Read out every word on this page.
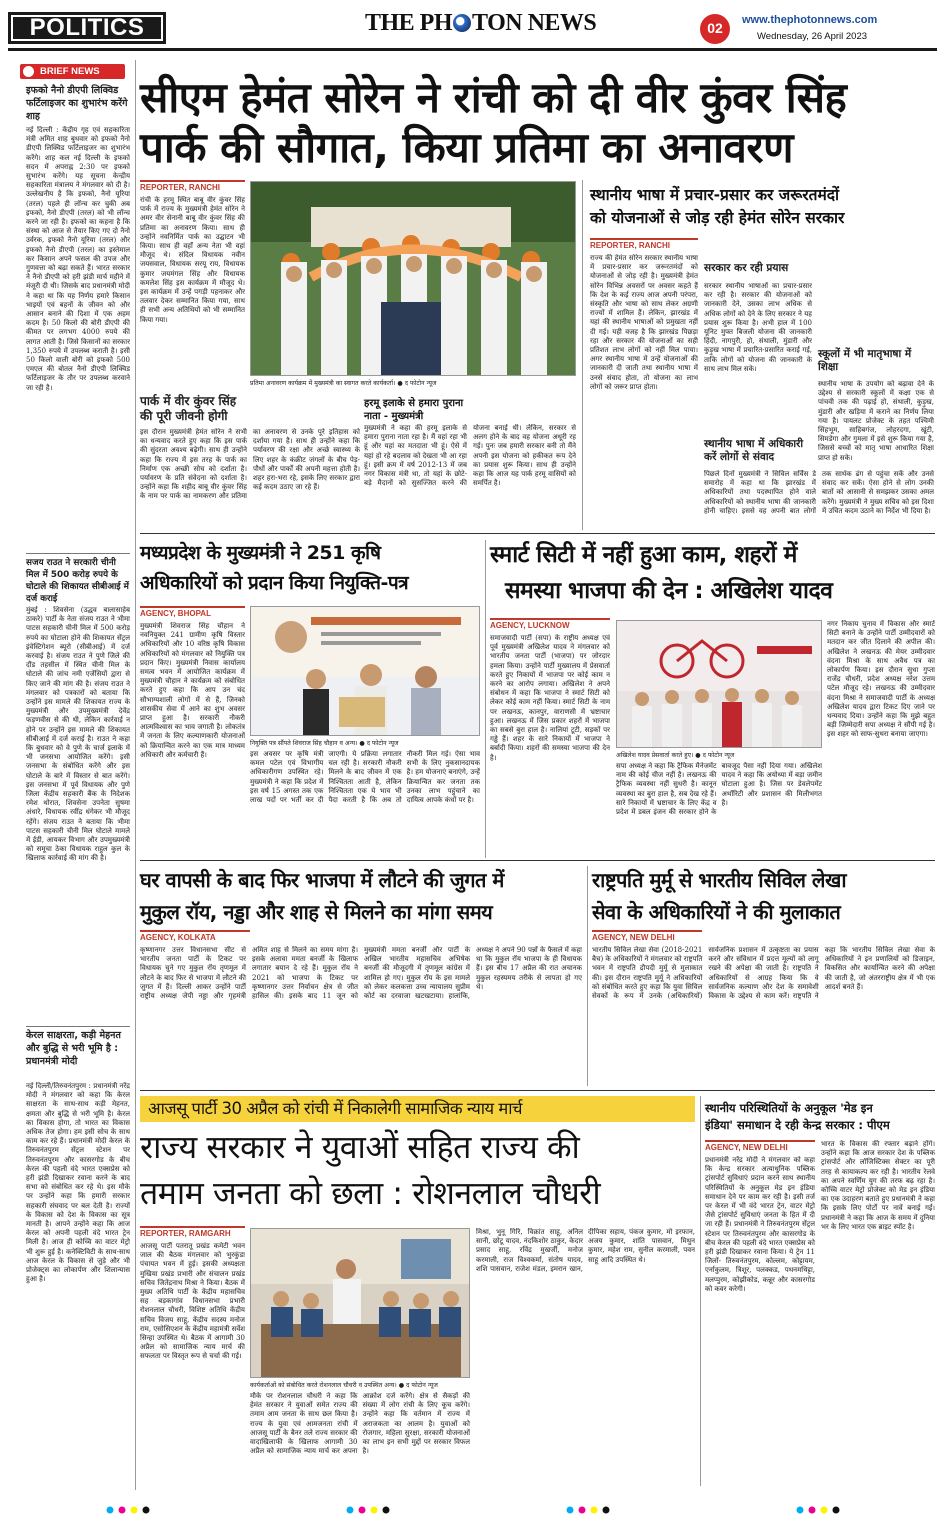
POLITICS	THE PH TON NEWS	02	www.thephotonnews.com
Wednesday, 26 April 2023
BRIEF NEWS
इफको नैनो डीएपी लिक्विड फर्टिलाइजर का शुभारंभ करेंगे शाह
नई दिल्ली : केंद्रीय गृह एवं सहकारिता मंत्री अमित शाह बुधवार को इफको नैनो डीएपी लिक्विड फर्टिलाइजर का शुभारंभ करेंगे। शाह कल नई दिल्ली के इफको सदन में अपराह्न 2:30 पर इफको सुभारंभ करेंगे। यह सूचना केन्द्रीय सहकारिता मंत्रालय ने मंगलवार को दी है। उल्लेखनीय है कि इफको, नैनो यूरिया (तरल) पहले ही लॉन्च कर चुकी अब इफको, नैनो डीएपी (तरल) को भी लॉन्च करने जा रही है। इफको का कहना है कि संस्था को आज से तैयार किए गए दो नैनो उर्वरक, इफको नैनो यूरिया (तरल) और इफको नैनो डीएपी (तरल) का इस्तेमाल कर किसान अपने फसल की उपज और गुणवत्ता को बढ़ा सकते हैं। भारत सरकार ने नैनो डीएपी को हरी झंडी मार्च महीने में मंजूरी दी थी। जिसके बाद प्रधानमंत्री मोदी ने कहा था कि यह निर्णय हमारे किसान भाइयों एवं बहनों के जीवन को और आसान बनाने की दिशा में एक अहम कदम है। 50 किलो की बोरी डीएपी की कीमत पर लगभग 4000 रुपये की लागत आती है। जिसे किसानों का सरकार 1,350 रुपये में उपलब्ध कराती है। इसी 50 किलो वाली बोरी को इफको 500 एमएल की बोतल नैनो डीएपी लिक्विड फर्टिलाइजर के तौर पर उपलब्ध करवाने जा रही है।
सजय राउत ने सरकारी चीनी मिल में 500 करोड़ रुपये के घोटाले की शिकायत सीबीआई में दर्ज कराई
मुंबई : शिवसेना (उद्धव बालासाहेब ठाकरे) पार्टी के नेता संजय राउत ने भीमा पाटस सहकारी चीनी मिल में 500 करोड़ रुपये का घोटाला होने की शिकायत सेंट्रल इंवेस्टिगेशन ब्यूरो (सीबीआई) में दर्ज करवाई है। संजय राउत ने पुणे जिले की दौंड तहसील में स्थित चीनी मिल के घोटाले की जांच नमी एजेंसियों द्वारा से किए जाने की मांग की है। संजय राउत ने मंगलवार को पत्रकारों को बताया कि उन्होंने इस मामले की शिकायत राज्य के मुख्यमंत्री और उपमुख्यमंत्री देवेंद्र फड़णवीस से की थी, लेकिन कार्रवाई न होने पर उन्होंने इस मामले की शिकायत सीबीआई में दर्ज कराई है। राउत ने कहा कि बुधवार को वे पुणे के चार्ज इलाके में भी जनसभा आयोजित करेंगे। इसी जनसभा के संबोधित करेंगे और इस घोटाले के बारे में विस्तार से बात करेंगे। इस जनसभा में पूर्व विधायक और पुणे जिला केंद्रीय सहकारी बैंक के निदेशक रमेश थोरात, शिवसेना उपनेता सुषमा अंधारे, विधायक रवींद्र धंगेकर भी मौजूद रहेंगे। संजय राउत ने बताया कि भीमा पाटस सहकारी चीनी मिल घोटाले मामले में ईडी, आयकर विभाग और उपमुख्यमंत्री को समूचा ठेका विधायक राहुल कुल के खिलाफ कार्रवाई की मांग की है।
केरल साक्षरता, कड़ी मेहनत और बुद्धि से भरी भूमि है : प्रधानमंत्री मोदी
नई दिल्ली/तिरुवनंतपुरम : प्रधानमंत्री नरेंद्र मोदी ने मंगलवार को कहा कि केरल साक्षरता के साथ-साथ कड़ी मेहनत, क्षमता और बुद्धि से भरी भूमि है। केरल का विकास होगा, तो भारत का विकास अधिक तेज होगा। हम इसी सोच के साथ काम कर रहे हैं। प्रधानमंत्री मोदी केरल के तिरुवनंतपुरम सेंट्रल स्टेशन पर तिरुवनंतपुरम और कासरगोड के बीच केरल की पहली वंदे भारत एक्सप्रेस को हरी झंडी दिखाकर रवाना करने के बाद सभा को संबोधित कर रहे थे। इस मौके पर उन्होंने कहा कि हमारी सरकार सहकारी संघवाद पर बल देती है। राज्यों के विकास को देश के विकास का सूत्र मानती है। आपने उन्होंने कहा कि आज केरल को अपनी पहली वंदे भारत ट्रेन मिली है। आज ही कोच्चि का वाटर मेट्रो भी शुरू हुई है। कनेक्टिविटी के साथ-साथ आज केरल के विकास से जुड़े और भी प्रोजेक्ट्स का लोकार्पण और शिलान्यास हुआ है।
सीएम हेमंत सोरेन ने रांची को दी वीर कुंवर सिंह
पार्क की सौगात, किया प्रतिमा का अनावरण
REPORTER, RANCHI
रांची के हरमू स्थित बाबू वीर कुंवर सिंह पार्क में राज्य के मुख्यमंत्री हेमंत सोरेन ने अमर वीर सेनानी बाबू वीर कुंवर सिंह की प्रतिमा का अनावरण किया। साथ ही उन्होंने नवनिर्मित पार्क का उद्घाटन भी किया। साथ ही वहाँ अन्य नेता भी वहां मौजूद थे। संदिल विधायक नवीन जयसवाल, विधायक सरयू राय, विधायक कुमार जयमंगल सिंह और विधायक कमलेश सिंह इस कार्यक्रम में मौजूद थे। इस कार्यक्रम में उन्हें पगड़ी पहनाकर और तलवार देकर सम्मानित किया गया, साथ ही सभी अन्य अतिथियों को भी सम्मानित किया गया।
प्रतिमा अनावरण कार्यक्रम में मुख्यमंत्री का स्वागत करते कार्यकर्ता। ● द फोटोन न्यूज
पार्क में वीर कुंवर सिंह की पूरी जीवनी होगी
इस दौरान मुख्यमंत्री हेमंत सोरेन ने सभी का धन्यवाद करते हुए कहा कि इस पार्क की सुंदरता अवश्य बढ़ेगी। साथ ही उन्होंने कहा कि राज्य में इस तरह के पार्क का निर्माण एक अच्छी सोच को दर्शाता है। पर्यावरण के प्रति संवेदना को दर्शाता है। उन्होंने कहा कि शहीद बाबू वीर कुंवर सिंह के नाम पर पार्क का नामकरण और प्रतिमा का अनावरण से उनके पूरे इतिहास को दर्शाया गया है। साथ ही उन्होंने कहा कि पर्यावरण की रक्षा और अच्छे स्वास्थ्य के लिए शहर के कंक्रीट जंगलों के बीच पेड़-पौधों और पार्कों की अपनी महत्ता होती है। शहर हरा-भरा रहे, इसके लिए सरकार द्वारा कई कदम उठाए जा रहे हैं।
हरमू इलाके से हमारा पुराना नाता - मुख्यमंत्री
मुख्यमंत्री ने कहा की हरमू इलाके से हमारा पुराना नाता रहा है। मैं वहां रहा भी हूं और यहां का मतदाता भी हूं। ऐसे में यहां हो रहे बदलाव को देखता भी आ रहा हूं। इसी क्रम में वर्ष 2012-13 में जब नगर विकास मंत्री था, तो यहां के छोटे-बड़े मैदानों को सुसज्जित करने की योजना बनाई थी। लेकिन, सरकार से अलग होने के बाद वह योजना अधूरी रह गई। पुनः जब हमारी सरकार बनी तो मैंने अपनी इस योजना को हकीकत रूप देने का प्रयास शुरू किया। साथ ही उन्होंने कहा कि आज यह पार्क हरमू वासियों को समर्पित है।
स्थानीय भाषा में प्रचार-प्रसार कर जरूरतमंदों
को योजनाओं से जोड़ रही हेमंत सोरेन सरकार
REPORTER, RANCHI
राज्य की हेमंत सोरेन सरकार स्थानीय भाषा में प्रचार-प्रसार कर जरूरतमंदों को योजनाओं से जोड़ रही है। मुख्यमंत्री हेमंत सोरेन विभिन्न अवसरों पर अवसर कहते हैं कि देश के कई राज्य आज अपनी परंपरा, संस्कृति और भाषा को साथ लेकर अग्रणी राज्यों में शामिल हैं। लेकिन, झारखंड में यहां की स्थानीय भाषाओं को प्रमुखता नहीं दी गई। यही वजह है कि झारखंड पिछड़ा रहा और सरकार की योजनाओं का सही प्रतिशत लाभ लोगों को नहीं मिल पाया। अगर स्थानीय भाषा में उन्हें योजनाओं की जानकारी दी जाती तथा स्थानीय भाषा में उनसे संवाद होता, तो योजना का लाभ लोगों को जरूर प्राप्त होता।
सरकार कर रही प्रयास
सरकार स्थानीय भाषाओं का प्रचार-प्रसार कर रही है। सरकार की योजनाओं को जानकारी देने, उसका लाभ अधिक से अधिक लोगों को देने के लिए सरकार ने यह प्रयास शुरू किया है। अभी हाल में 100 यूनिट मुफ्त बिजली योजना की जानकारी हिंदी, नागपुरी, हो, संथाली, मुंडारी और कुड़ुख भाषा में प्रचारित-प्रसारित कराई गई, ताकि लोगों को योजना की जानकारी के साथ लाभ मिल सके।
स्थानीय भाषा में अधिकारी करें लोगों से संवाद
पिछले दिनों मुख्यमंत्री ने सिविल सर्विस डे समारोह में कहा था कि झारखंड में अधिकारियों तथा पदस्थापित होने वाले अधिकारियों को स्थानीय भाषा की जानकारी होनी चाहिए। इससे वह अपनी बात लोगों तक सार्थक ढंग से पहुंचा सकें और उनसे संवाद कर सकें। ऐसा होने से लोग उनकी बातों को आसानी से समझकर उसका अमल करेंगे। मुख्यमंत्री ने मुख्य सचिव को इस दिशा में उचित कदम उठाने का निर्देश भी दिया है।
स्कूलों में भी मातृभाषा में शिक्षा
स्थानीय भाषा के उपयोग को बढ़ावा देने के उद्देश्य से सरकारी स्कूलों में कक्षा एक से पांचवी तक की पढ़ाई हो, संथाली, कुड़ुख, मुंडारी और खड़िया में कराने का निर्णय लिया गया है। पायलट प्रोजेक्ट के तहत पश्चिमी सिंहभूम, साहिबगंज, लोहरदगा, खूंटी, सिमडेगा और गुमला में इसे शुरू किया गया है, जिससे बच्चों को मातृ भाषा आधारित शिक्षा प्राप्त हो सके।
मध्यप्रदेश के मुख्यमंत्री ने 251 कृषि
अधिकारियों को प्रदान किया नियुक्ति-पत्र
AGENCY, BHOPAL
मुख्यमंत्री शिवराज सिंह चौहान ने नवनियुक्त 241 ग्रामीण कृषि विस्तार अधिकारियों और 10 वरिष्ठ कृषि विकास अधिकारियों को मंगलवार को नियुक्ति पत्र प्रदान किए। मुख्यमंत्री निवास कार्यालय समत्व भवन में आयोजित कार्यक्रम में मुख्यमंत्री चौहान ने कार्यक्रम को संबोधित करते हुए कहा कि आप उन चंद सौभाग्यशाली लोगों में से हैं, जिनको शासकीय सेवा में आने का शुभ अवसर प्राप्त हुआ है। सरकारी नौकरी आत्मविश्वास का भाव जगाती है। लोकतंत्र में जनता के लिए कल्याणकारी योजनाओं को क्रियान्वित करने का एक मात्र माध्यम अधिकारी और कर्मचारी हैं।
नियुक्ति पत्र सौंपते शिवराज सिंह चौहान व अन्य। ● द फोटोन न्यूज
इस अवसर पर कृषि मंत्री कमल पटेल एवं विभागीय अधिकारीगण उपस्थित रहे। मुख्यमंत्री ने कहा कि प्रदेश में इस वर्ष 15 अगस्त तक एक लाख पदों पर भर्ती कर दी जाएगी। ये प्रक्रिया लगातार चल रही है। सरकारी नौकरी मिलने के बाद जीवन में एक निश्चितता आती है, लेकिन निश्चितता एक ये भाव भी पैदा करती है कि अब तो नौकरी मिल गई। ऐसा भाव सभी के लिए नुकसानदायक है। हम योजनाएं बनाएंगे, उन्हें क्रियान्वित कर जनता तक उनका लाभ पहुंचाने का दायित्व आपके कंधों पर है।
स्मार्ट सिटी में नहीं हुआ काम, शहरों में
समस्या भाजपा की देन : अखिलेश यादव
AGENCY, LUCKNOW
समाजवादी पार्टी (सपा) के राष्ट्रीय अध्यक्ष एवं पूर्व मुख्यमंत्री अखिलेश यादव ने मंगलवार को भारतीय जनता पार्टी (भाजपा) पर जोरदार हमला किया। उन्होंने पार्टी मुख्यालय में प्रेसवार्ता करते हुए निकायों में भाजपा पर कोई काम न करने का आरोप लगाया। अखिलेश ने अपने संबोधन में कहा कि भाजपा ने स्मार्ट सिटी को लेकर कोई काम नहीं किया। स्मार्ट सिटी के नाम पर लखनऊ, कानपुर, वाराणसी में भ्रष्टाचार हुआ। लखनऊ में जिस प्रकार शहरों में भाजपा का सबसे बुरा हाल है। नालियां टूटी, सड़कों पर गड्ढे हैं। शहर के सारे निकायों में भाजपा ने बर्बादी किया। शहरों की समस्या भाजपा की देन है।	अखिलेश यादव प्रेसवार्ता करते हुए। ● द फोटोन न्यूज
सपा अध्यक्ष ने कहा कि ट्रैफिक मैनेजमेंट नाम की कोई चीज नहीं है। लखनऊ की ट्रैफिक व्यवस्था नहीं सुधरी है। कानून व्यवस्था का बुरा हाल है, सब देख रहे हैं। सारे निकायों में भ्रष्टाचार के लिए केंद्र व प्रदेश में डबल इंजन की सरकार होने के बावजूद पैसा नहीं दिया गया। अखिलेश यादव ने कहा कि अयोध्या में बड़ा जमीन घोटाला हुआ है। जिस पर डेवलेपमेंट अथॉरिटी और प्रशासन की मिलीभगत है।
नगर निकाय चुनाव में विकास और स्मार्ट सिटी बनाने के उन्होंने पार्टी उम्मीदवारों को मतदान कर जीत दिलाने की अपील की। अखिलेश ने लखनऊ की मेयर उम्मीदवार वंदना मिश्रा के साथ अवैध पत्र का लोकार्पण किया। इस दौरान सुधा गुप्ता राजेंद्र चौधरी, प्रदेश अध्यक्ष नरेश उत्तम पटेल मौजूद रहे। लखनऊ की उम्मीदवार वंदना मिश्रा ने समाजवादी पार्टी के अध्यक्ष अखिलेश यादव द्वारा टिकट दिए जाने पर धन्यवाद दिया। उन्होंने कहा कि मुझे बहुत बड़ी जिम्मेदारी सपा अध्यक्ष ने सौंपी गई है। इस शहर को साफ-सुथरा बनाया जाएगा।
घर वापसी के बाद फिर भाजपा में लौटने की जुगत में
मुकुल रॉय, नड्डा और शाह से मिलने का मांगा समय
AGENCY, KOLKATA
कृष्णानगर उत्तर विधानसभा सीट से भारतीय जनता पार्टी के टिकट पर विधायक चुने गए मुकुल रॉय तृणमूल में लौटने के बाद फिर से भाजपा में लौटने की जुगत में हैं। दिल्ली आकर उन्होंने पार्टी राष्ट्रीय अध्यक्ष जेपी नड्डा और गृहमंत्री अमित शाह से मिलने का समय मांगा है। इसके अलावा ममता बनर्जी के खिलाफ लगातार बयान दे रहे हैं। मुकुल रॉय ने 2021 को भाजपा के टिकट पर कृष्णानगर उत्तर निर्वाचन क्षेत्र से जीत हासिल की। इसके बाद 11 जून को मुख्यमंत्री ममता बनर्जी और पार्टी के अखिल भारतीय महासचिव अभिषेक बनर्जी की मौजूदगी में तृणमूल कांग्रेस में शामिल हो गए। मुकुल रॉय के इस मामले को लेकर कलकत्ता उच्च न्यायालय सुप्रीम कोर्ट का दरवाजा खटखटाया। हालांकि, अध्यक्ष ने अपने 90 पन्नों के फैसले में कहा था कि मुकुल रॉय भाजपा के ही विधायक हैं। इस बीच 17 अप्रैल की रात अचानक मुकुल रहस्यमय तरीके से लापता हो गए थे।
राष्ट्रपति मुर्मू से भारतीय सिविल लेखा
सेवा के अधिकारियों ने की मुलाकात
AGENCY, NEW DELHI
भारतीय सिविल लेखा सेवा (2018-2021 बैच) के अधिकारियों ने मंगलवार को राष्ट्रपति भवन में राष्ट्रपति द्रौपदी मुर्मू से मुलाकात की। इस दौरान राष्ट्रपति मुर्मू ने अधिकारियों को संबोधित करते हुए कहा कि युवा सिविल सेवकों के रूप में उनके (अधिकारियों) सार्वजनिक प्रशासन में उत्कृष्टता का प्रयास करने और संविधान में प्रदत्त मूल्यों को लागू रखने की अपेक्षा की जाती है। राष्ट्रपति ने अधिकारियों से आग्रह किया कि वे सार्वजनिक कल्याण और देश के समावेशी विकास के उद्देश्य से काम करें। राष्ट्रपति ने कहा कि भारतीय सिविल लेखा सेवा के अधिकारियों ने इन प्रणालियों को डिजाइन, विकसित और कार्यान्वित करने की अपेक्षा की जाती है, जो अंतरराष्ट्रीय क्षेत्र में भी एक आदर्श बनते हैं।
आजसू पार्टी 30 अप्रैल को रांची में निकालेगी सामाजिक न्याय मार्च
राज्य सरकार ने युवाओं सहित राज्य की
तमाम जनता को छला : रोशनलाल चौधरी
REPORTER, RAMGARH
आजसू पार्टी पतरातू प्रखंड कमेटी भवन जाल की बैठक मंगलवार को भुरकुंडा पंचायत भवन में हुई। इसकी अध्यक्षता मुखिया प्रखंड प्रभारी और संचालन प्रखंड सचिव जितेंद्रनाथ मिश्रा ने किया। बैठक में मुख्य अतिथि पार्टी के केंद्रीय महासचिव सह बड़कागांव विधानसभा प्रभारी रोशनलाल चौधरी, विशिष्ट अतिथि केंद्रीय सचिव विजय साहू, केंद्रीय सदस्य मनोज राम, एसोसिएशन के केंद्रीय महामंत्री सर्वेश सिन्हा उपस्थित थे। बैठक में आगामी 30 अप्रैल को सामाजिक न्याय मार्च की सफलता पर विस्तृत रूप से चर्चा की गई।
कार्यकर्ताओं को संबोधित करते रोशनलाल चौधरी व उपस्थित अन्य। ● द फोटोन न्यूज
मौके पर रोशनलाल चौधरी ने कहा कि हेमंत सरकार ने युवाओं समेत राज्य की तमाम आम जनता के साथ छल किया है। राज्य के युवा एवं आमजनता रांची में आजसू पार्टी के बैनर तले राज्य सरकार की वादाखिलाफी के खिलाफ आगामी 30 अप्रैल को सामाजिक न्याय मार्च कर अपना आक्रोश दर्ज करेंगे। क्षेत्र से सैकड़ों की संख्या में लोग रांची के लिए कूच करेंगे। उन्होंने कहा कि वर्तमान में राज्य में अराजकता का आलम है। युवाओं को रोजगार, महिला सुरक्षा, सरकारी योजनाओं का लाभ इन सभी मुद्दों पर सरकार विफल है।
मिश्रा, भुनू गिरि, विक्रांत साहू, अनिल सानी, छोटू यादव, नंदकिशोर ठाकुर, केदार प्रसाद साहू, रविंद्र मुखर्जी, मनोज करमाली, राज विश्वकर्मा, संतोष यादव, शशि पासवान, राजेश मंडल, इमरान खान, दीपिका सहाय, पंकज कुमार, मो इरफान, अजय कुमार, शांति पासवान, मिथुन कुमार, महेश राम, सुनील करमाली, पवन साहू आदि उपस्थित थे।
स्थानीय परिस्थितियों के अनुकूल 'मेड इन
इंडिया' समाधान दे रही केन्द्र सरकार : पीएम
AGENCY, NEW DELHI
प्रधानमंत्री नरेंद्र मोदी ने मंगलवार को कहा कि केन्द्र सरकार अत्याधुनिक पब्लिक ट्रांसपोर्ट सुविधाएं प्रदान करने साथ स्थानीय परिस्थितियों के अनुकूल मेड इन इंडिया समाधान देने पर काम कर रही है। इसी तर्ज पर केरल में भी वंदे भारत ट्रेन, वाटर मेट्रो जैसे ट्रांसपोर्ट सुविधाएं जनता के हित में दी जा रही हैं। प्रधानमंत्री ने तिरुवनंतपुरम सेंट्रल स्टेशन पर तिरुवनंतपुरम और कासरगोड के बीच केरल की पहली वंदे भारत एक्सप्रेस को हरी झंडी दिखाकर रवाना किया। ये ट्रेन 11 जिलों- तिरुवनंतपुरम, कोल्लम, कोट्टायम, एर्नाकुलम, त्रिशूर, पलक्कड, पथनमथिट्टा, मलप्पुरम, कोझीकोड, कन्नूर और कासरगोड को कवर करेगी।
भारत के विकास की रफ्तार बढ़ाने होंगे। उन्होंने कहा कि आज सरकार देश के पब्लिक ट्रांसपोर्ट और लॉजिस्टिक्स सेक्टर का पूरी तरह से कायाकल्प कर रही है। भारतीय रेलवे का अपने स्वर्णिम युग की तरफ बढ़ रहा है। कोच्चि वाटर मेट्रो प्रोजेक्ट को मेड इन इंडिया का एक उदाहरण बताते हुए प्रधानमंत्री ने कहा कि इसके लिए पोर्टों पर नावें बनाई गईं। प्रधानमंत्री ने कहा कि आज के समय में दुनिया भर के लिए भारत एक ब्राइट स्पॉट है।
